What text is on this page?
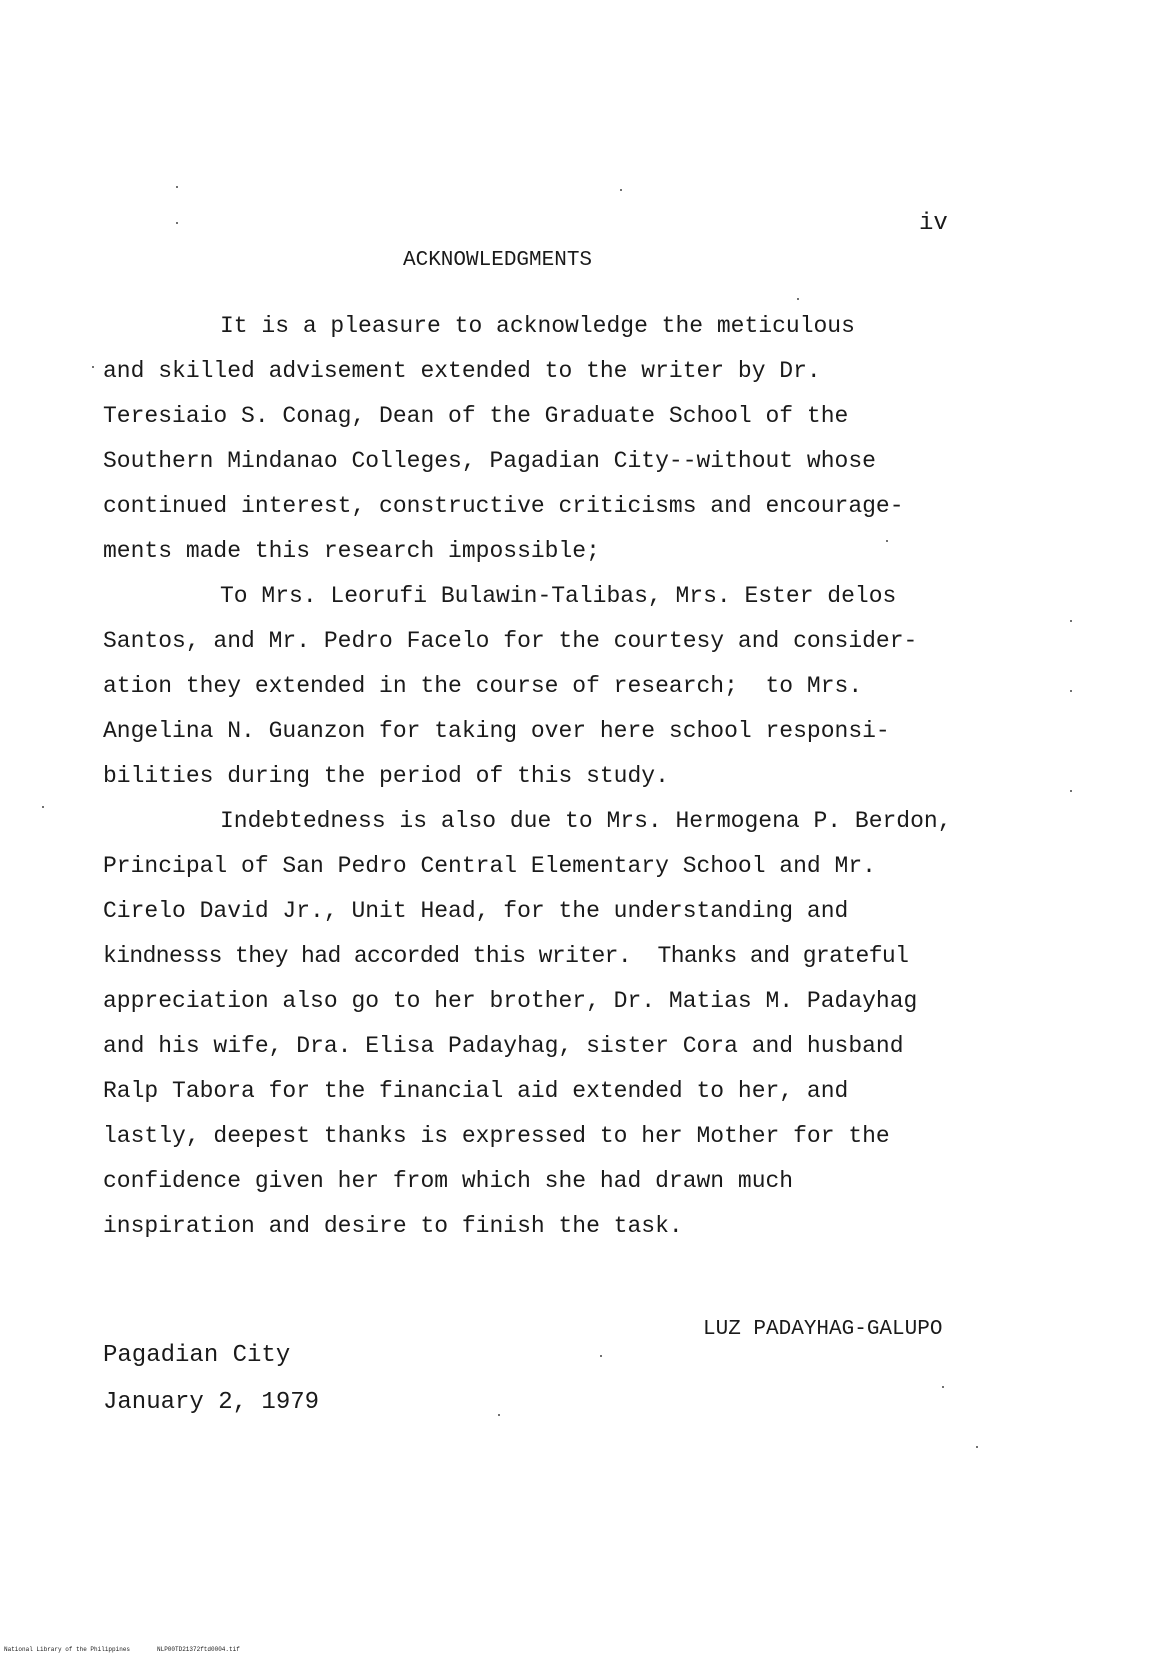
iv
ACKNOWLEDGMENTS
It is a pleasure to acknowledge the meticulous
and skilled advisement extended to the writer by Dr.
Teresiaio S. Conag, Dean of the Graduate School of the
Southern Mindanao Colleges, Pagadian City--without whose
continued interest, constructive criticisms and encourage-
ments made this research impossible;
To Mrs. Leorufi Bulawin-Talibas, Mrs. Ester delos
Santos, and Mr. Pedro Facelo for the courtesy and consider-
ation they extended in the course of research;  to Mrs.
Angelina N. Guanzon for taking over here school responsi-
bilities during the period of this study.
Indebtedness is also due to Mrs. Hermogena P. Berdon,
Principal of San Pedro Central Elementary School and Mr.
Cirelo David Jr., Unit Head, for the understanding and
kindnesss they had accorded this writer.  Thanks and grateful
appreciation also go to her brother, Dr. Matias M. Padayhag
and his wife, Dra. Elisa Padayhag, sister Cora and husband
Ralp Tabora for the financial aid extended to her, and
lastly, deepest thanks is expressed to her Mother for the
confidence given her from which she had drawn much
inspiration and desire to finish the task.
LUZ PADAYHAG-GALUPO
Pagadian City
January 2, 1979
National Library of the Philippines	NLP00TD21372ftd0004.tif
